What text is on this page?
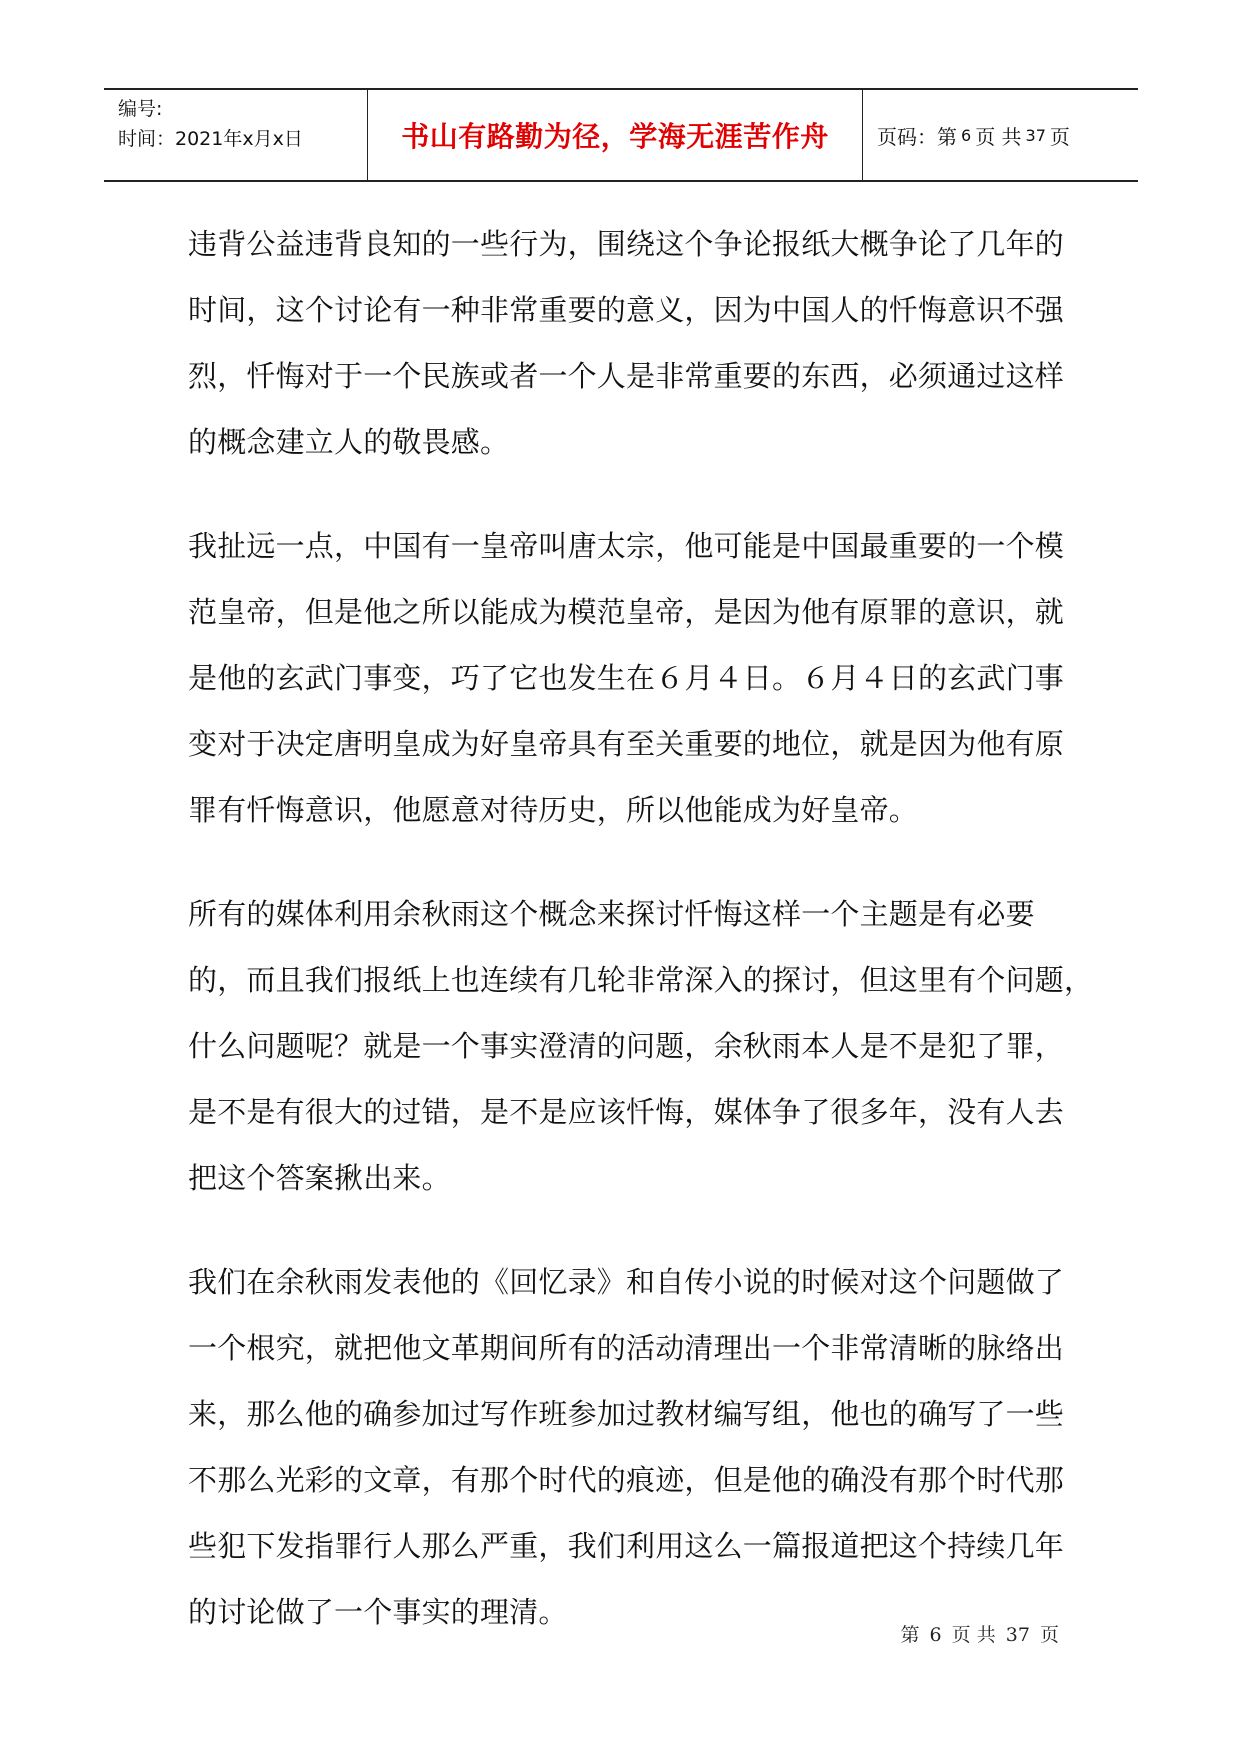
编号:
时间：2021年x月x日	书山有路勤为径，学海无涯苦作舟 页码：第 6 页 共 37 页
违背公益违背良知的一些行为，围绕这个争论报纸大概争论了几年的
时间，这个讨论有一种非常重要的意义，因为中国人的忏悔意识不强
烈，忏悔对于一个民族或者一个人是非常重要的东西，必须通过这样
的概念建立人的敬畏感。
我扯远一点，中国有一皇帝叫唐太宗，他可能是中国最重要的一个模
范皇帝，但是他之所以能成为模范皇帝，是因为他有原罪的意识，就
是他的玄武门事变，巧了它也发生在６月４日。６月４日的玄武门事
变对于决定唐明皇成为好皇帝具有至关重要的地位，就是因为他有原
罪有忏悔意识，他愿意对待历史，所以他能成为好皇帝。
所有的媒体利用余秋雨这个概念来探讨忏悔这样一个主题是有必要
的，而且我们报纸上也连续有几轮非常深入的探讨，但这里有个问题，
什么问题呢？就是一个事实澄清的问题，余秋雨本人是不是犯了罪，
是不是有很大的过错，是不是应该忏悔，媒体争了很多年，没有人去
把这个答案揪出来。
我们在余秋雨发表他的《回忆录》和自传小说的时候对这个问题做了
一个根究，就把他文革期间所有的活动清理出一个非常清晰的脉络出
来，那么他的确参加过写作班参加过教材编写组，他也的确写了一些
不那么光彩的文章，有那个时代的痕迹，但是他的确没有那个时代那
些犯下发指罪行人那么严重，我们利用这么一篇报道把这个持续几年
的讨论做了一个事实的理清。
第 6 页 共 37 页
